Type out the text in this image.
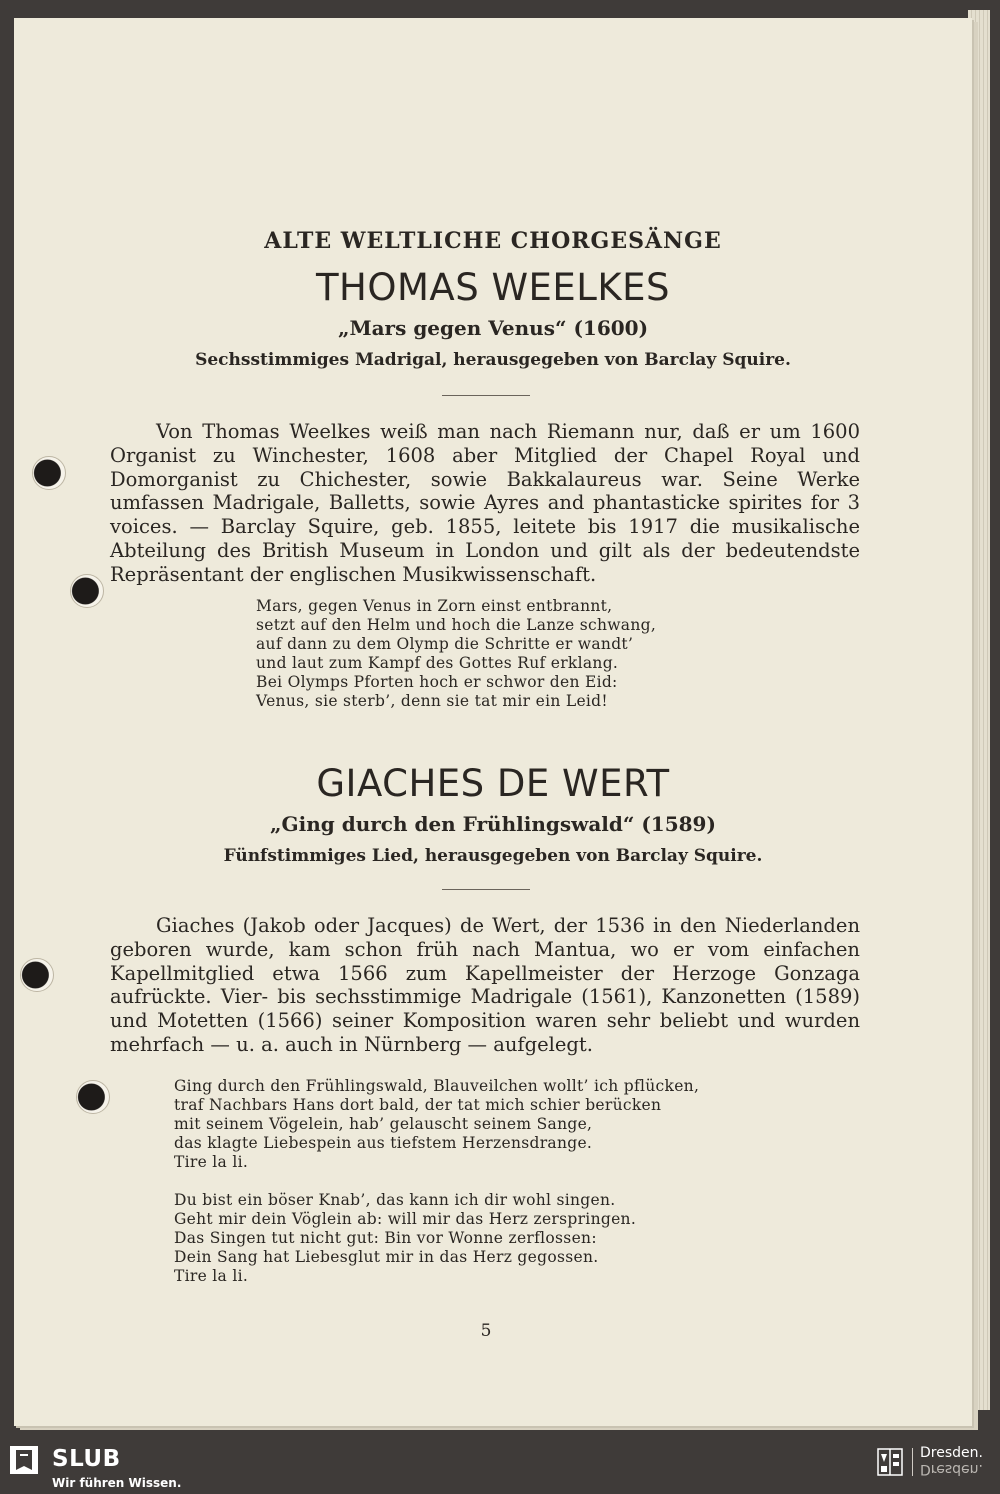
ALTE WELTLICHE CHORGESÄNGE
THOMAS WEELKES
„Mars gegen Venus“ (1600)
Sechsstimmiges Madrigal, herausgegeben von Barclay Squire.

Von Thomas Weelkes weiß man nach Riemann nur, daß er um 1600 Organist zu Winchester, 1608 aber Mitglied der Chapel Royal und Domorganist zu Chichester, sowie Bakkalaureus war. Seine Werke umfassen Madrigale, Balletts, sowie Ayres and phantasticke spirites for 3 voices. — Barclay Squire, geb. 1855, leitete bis 1917 die musikalische Abteilung des British Museum in London und gilt als der bedeutendste Repräsentant der englischen Musikwissenschaft.

Mars, gegen Venus in Zorn einst entbrannt,
setzt auf den Helm und hoch die Lanze schwang,
auf dann zu dem Olymp die Schritte er wandt’
und laut zum Kampf des Gottes Ruf erklang.
Bei Olymps Pforten hoch er schwor den Eid:
Venus, sie sterb’, denn sie tat mir ein Leid!
GIACHES DE WERT
„Ging durch den Frühlingswald“ (1589)
Fünfstimmiges Lied, herausgegeben von Barclay Squire.

Giaches (Jakob oder Jacques) de Wert, der 1536 in den Niederlanden geboren wurde, kam schon früh nach Mantua, wo er vom einfachen Kapellmitglied etwa 1566 zum Kapellmeister der Herzoge Gonzaga aufrückte. Vier- bis sechsstimmige Madrigale (1561), Kanzonetten (1589) und Motetten (1566) seiner Komposition waren sehr beliebt und wurden mehrfach — u. a. auch in Nürnberg — aufgelegt.

Ging durch den Frühlingswald, Blauveilchen wollt’ ich pflücken,
traf Nachbars Hans dort bald, der tat mich schier berücken
mit seinem Vögelein, hab’ gelauscht seinem Sange,
das klagte Liebespein aus tiefstem Herzensdrange.
Tire la li.
Du bist ein böser Knab’, das kann ich dir wohl singen.
Geht mir dein Vöglein ab: will mir das Herz zerspringen.
Das Singen tut nicht gut: Bin vor Wonne zerflossen:
Dein Sang hat Liebesglut mir in das Herz gegossen.
Tire la li.
5
SLUB
Wir führen Wissen.
Dresden.
Dresden.
